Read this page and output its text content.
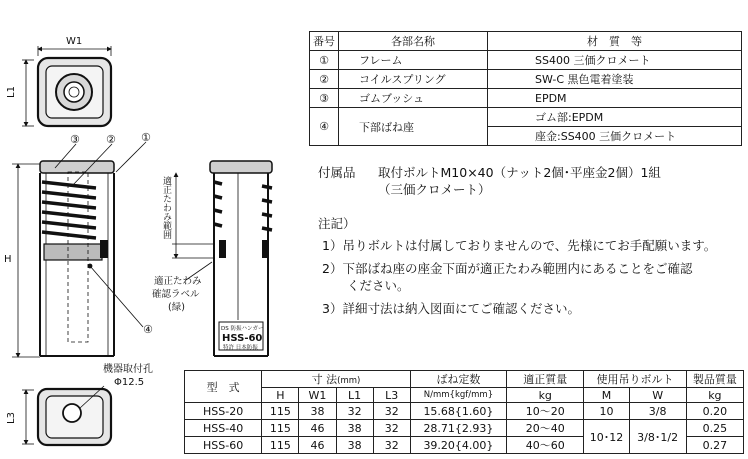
③ ② ①
④
H
W1
L1
適正たわみ範囲
適正たわみ
確認ラベル
(緑)
DS 防振ハンガー
HSS-60
特許 日本防振
L3
機器取付孔
Φ12.5
番号	各部名称	材　質　等
①	フレーム	SS400 三価クロメート
②	コイルスプリング	SW-C 黒色電着塗装
③	ゴムブッシュ	EPDM
④	下部ばね座	ゴム部:EPDM
		座金:SS400 三価クロメート
付属品 取付ボルトM10×40（ナット2個･平座金2個）1組
（三価クロメート）
注記）
1）吊りボルトは付属しておりませんので、先様にてお手配願います。
2）下部ばね座の座金下面が適正たわみ範囲内にあることをご確認
　　ください。
3）詳細寸法は納入図面にてご確認ください。
型　式	寸 法(mm)				ばね定数	適正質量	使用吊りボルト		製品質量
	H	W1	L1	L3	N/mm{kgf/mm}	kg	M	W	kg
HSS-20	115	38	32	32	15.68{1.60}	10〜20	10	3/8	0.20
HSS-40	115	46	38	32	28.71{2.93}	20〜40	10･12	3/8･1/2	0.25
HSS-60	115	46	38	32	39.20{4.00}	40〜60			0.27
